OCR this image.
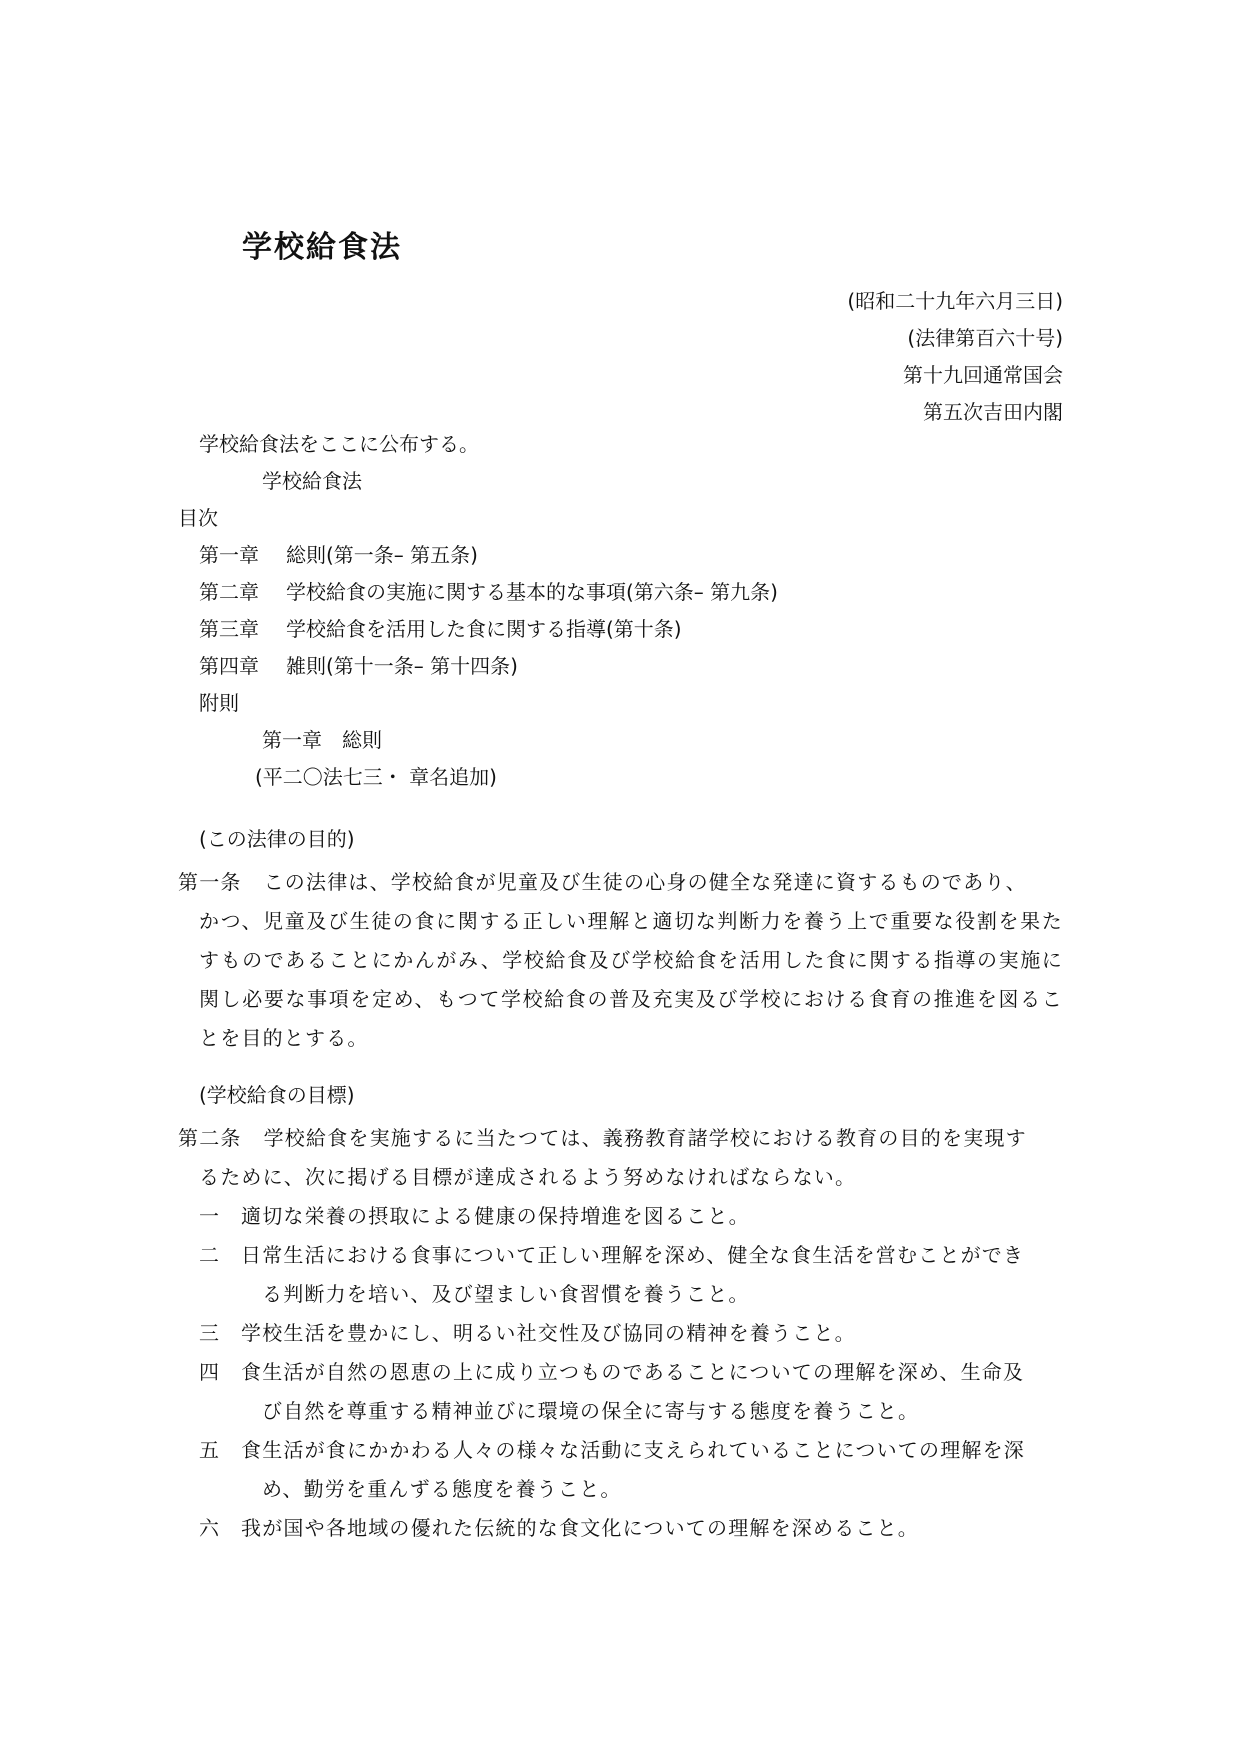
学校給食法
(昭和二十九年六月三日)
(法律第百六十号)
第十九回通常国会
第五次吉田内閣
学校給食法をここに公布する。
学校給食法
目次
第一章	総則(第一条– 第五条)
第二章	学校給食の実施に関する基本的な事項(第六条– 第九条)
第三章	学校給食を活用した食に関する指導(第十条)
第四章	雑則(第十一条– 第十四条)
附則
第一章　総則
(平二〇法七三・ 章名追加)
(この法律の目的)
第一条	この法律は、学校給食が児童及び生徒の心身の健全な発達に資するものであり、
かつ、児童及び生徒の食に関する正しい理解と適切な判断力を養う上で重要な役割を果たすものであることにかんがみ、学校給食及び学校給食を活用した食に関する指導の実施に関し必要な事項を定め、もつて学校給食の普及充実及び学校における食育の推進を図ることを目的とする。
(学校給食の目標)
第二条	学校給食を実施するに当たつては、義務教育諸学校における教育の目的を実現す
るために、次に掲げる目標が達成されるよう努めなければならない。
一	適切な栄養の摂取による健康の保持増進を図ること。
二	日常生活における食事について正しい理解を深め、健全な食生活を営むことができ
る判断力を培い、及び望ましい食習慣を養うこと。
三	学校生活を豊かにし、明るい社交性及び協同の精神を養うこと。
四	食生活が自然の恩恵の上に成り立つものであることについての理解を深め、生命及
び自然を尊重する精神並びに環境の保全に寄与する態度を養うこと。
五	食生活が食にかかわる人々の様々な活動に支えられていることについての理解を深
め、勤労を重んずる態度を養うこと。
六	我が国や各地域の優れた伝統的な食文化についての理解を深めること。
